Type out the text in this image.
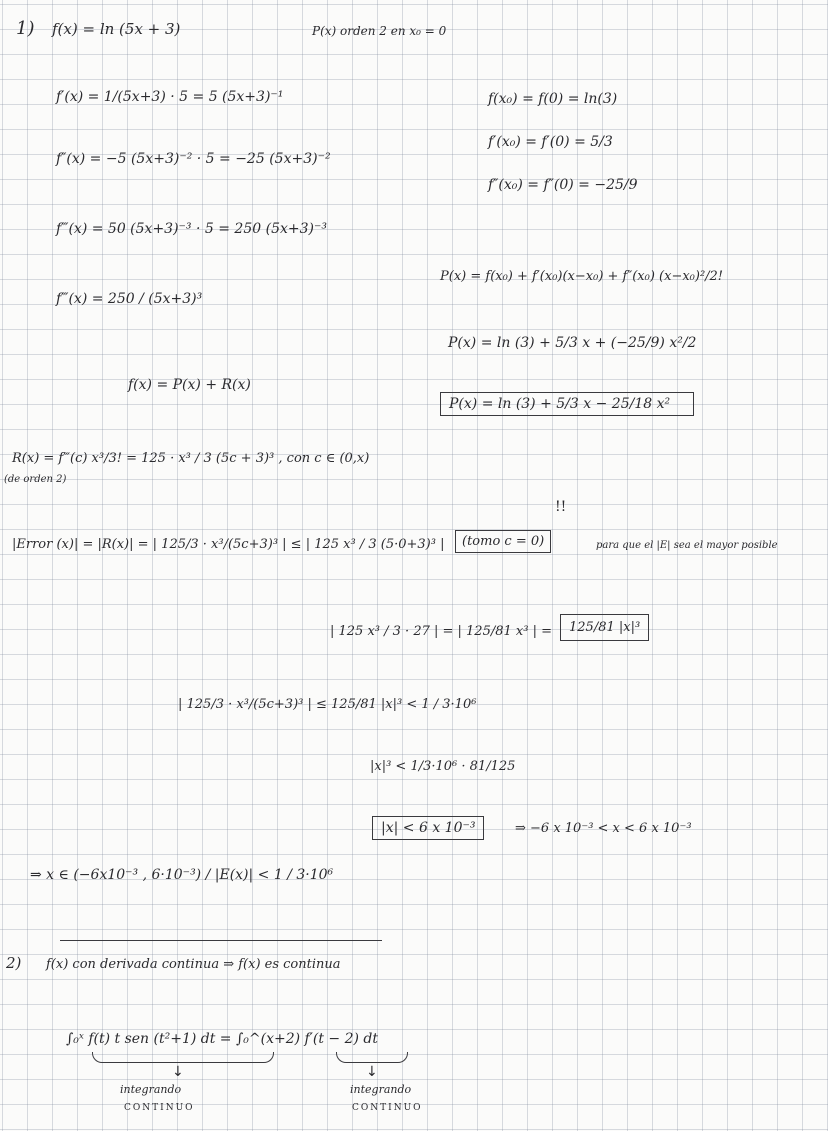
1) f(x) = ln (5x + 3)	P(x) orden 2 en x₀ = 0
f′(x) = 1/(5x+3) · 5 = 5 (5x+3)⁻¹
f″(x) = −5 (5x+3)⁻² · 5 = −25 (5x+3)⁻²
f‴(x) = 50 (5x+3)⁻³ · 5 = 250 (5x+3)⁻³
f‴(x) = 250 / (5x+3)³
f(x₀) = f(0) = ln(3)
f′(x₀) = f′(0) = 5/3
f″(x₀) = f″(0) = −25/9
P(x) = f(x₀) + f′(x₀)(x−x₀) + f″(x₀) (x−x₀)²/2!
P(x) = ln (3) + 5/3 x + (−25/9) x²/2
P(x) = ln (3) + 5/3 x − 25/18 x²
f(x) = P(x) + R(x)
R(x) = f‴(c) x³/3! = 125 · x³ / 3 (5c + 3)³ , con c ∈ (0,x)
(de orden 2)
|Error (x)| = |R(x)| = | 125/3 · x³/(5c+3)³ | ≤ | 125 x³ / 3 (5·0+3)³ |	(tomo c = 0)
!!
para que el |E| sea el mayor posible
| 125 x³ / 3 · 27 | = | 125/81 x³ | =	125/81 |x|³
| 125/3 · x³/(5c+3)³ | ≤ 125/81 |x|³ < 1 / 3·10⁶
|x|³ < 1/3·10⁶ · 81/125
|x| < 6 x 10⁻³	⇒ −6 x 10⁻³ < x < 6 x 10⁻³
⇒ x ∈ (−6x10⁻³ , 6·10⁻³) / |E(x)| < 1 / 3·10⁶
2) f(x) con derivada continua ⇒ f(x) es continua
∫₀ˣ f(t) t sen (t²+1) dt = ∫₀^(x+2) f′(t − 2) dt
↓
integrando
CONTINUO
↓
integrando
CONTINUO
